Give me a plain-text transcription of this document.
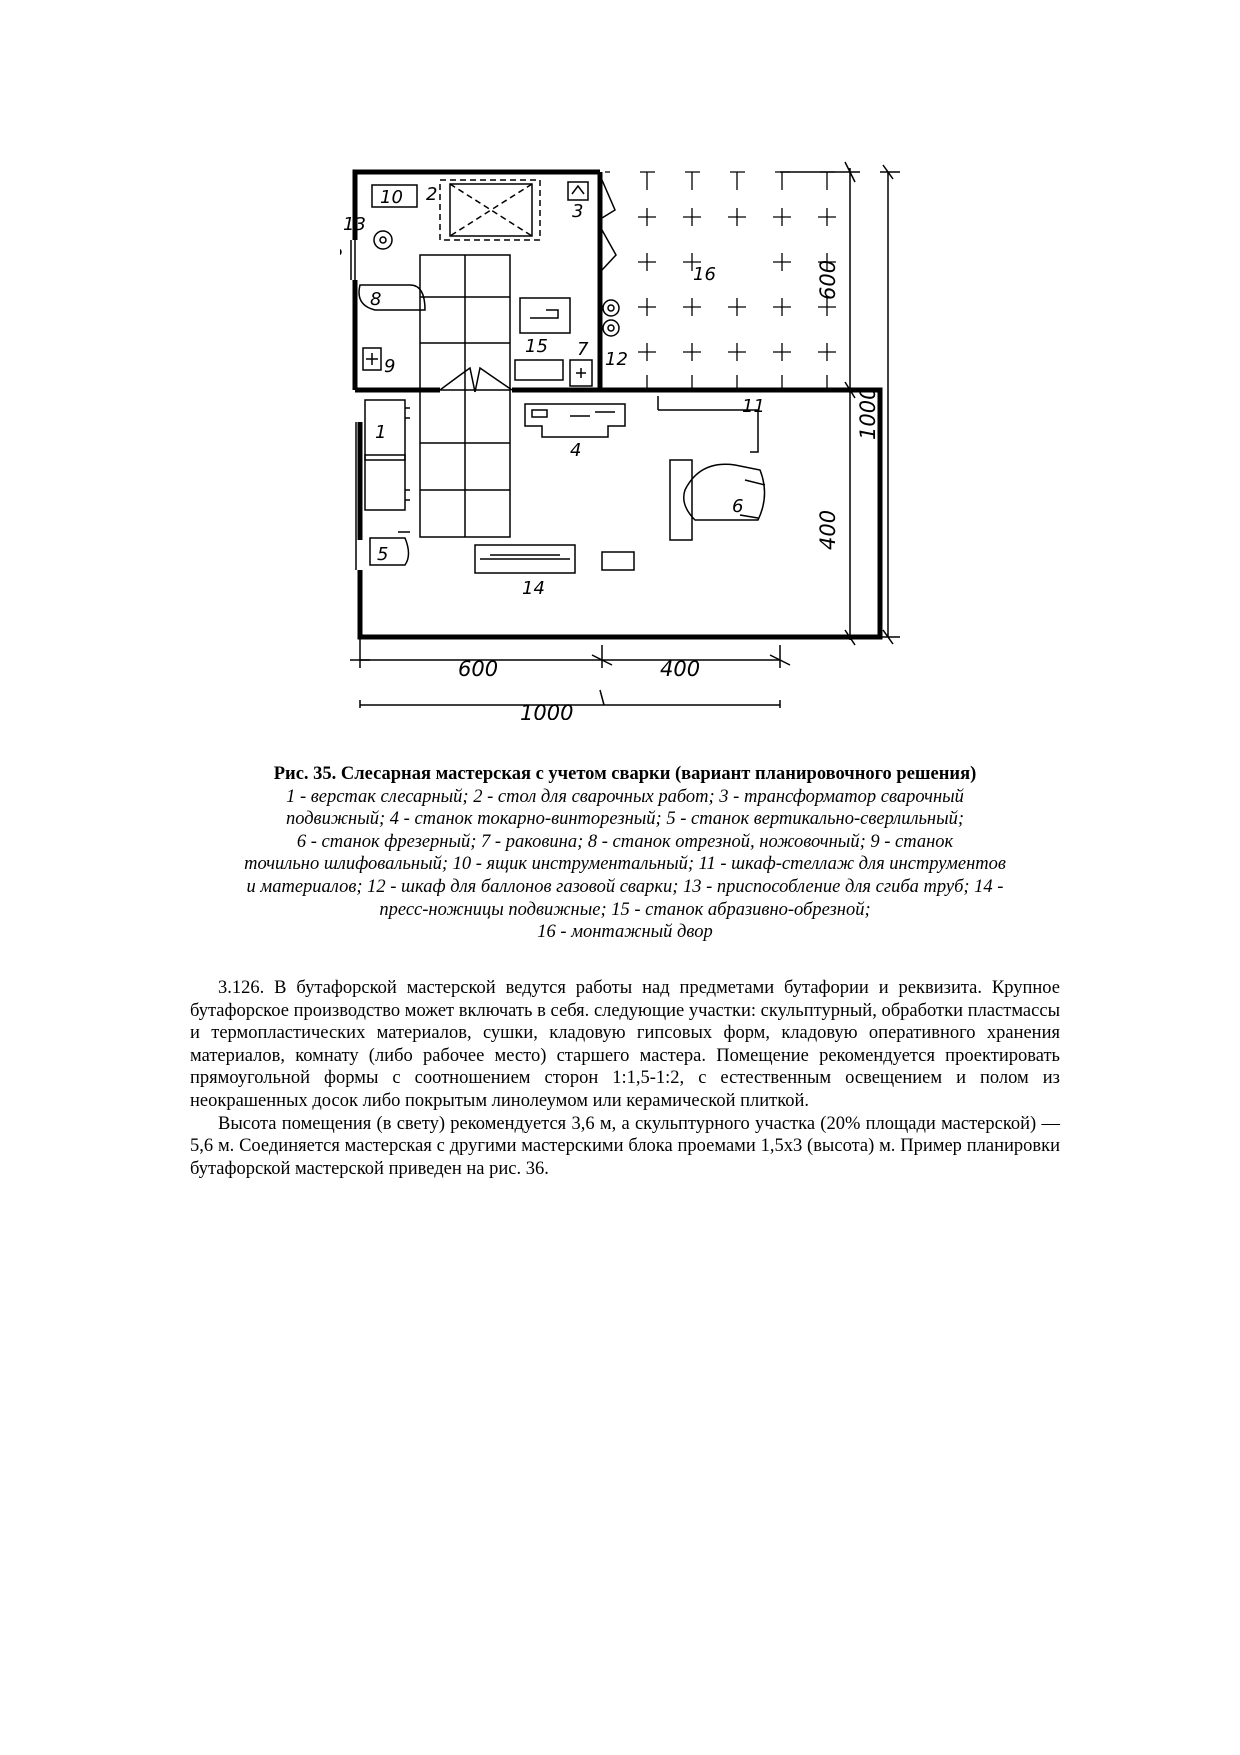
10 2
3
13
8
9
15 7 12
16
11
1
4
6
5
14
600	400
1000
600
400
1000
Рис. 35. Слесарная мастерская с учетом сварки (вариант планировочного решения)
1 - верстак слесарный; 2 - стол для сварочных работ; 3 - трансформатор сварочный
подвижный; 4 - станок токарно-винторезный; 5 - станок вертикально-сверлильный;
6 - станок фрезерный; 7 - раковина; 8 - станок отрезной, ножовочный; 9 - станок
точильно шлифовальный; 10 - ящик инструментальный; 11 - шкаф-стеллаж для инструментов
и материалов; 12 - шкаф для баллонов газовой сварки; 13 - приспособление для сгиба труб; 14 -
пресс-ножницы подвижные; 15 - станок абразивно-обрезной;
16 - монтажный двор

3.126. В бутафорской мастерской ведутся работы над предметами бутафории и реквизита. Крупное бутафорское производство может включать в себя. следующие участки: скульптурный, обработки пластмассы и термопластических материалов, сушки, кладовую гипсовых форм, кладовую оперативного хранения материалов, комнату (либо рабочее место) старшего мастера. Помещение рекомендуется проектировать прямоугольной формы с соотношением сторон 1:1,5-1:2, с естественным освещением и полом из неокрашенных досок либо покрытым линолеумом или керамической плиткой.

Высота помещения (в свету) рекомендуется 3,6 м, а скульптурного участка (20% площади мастерской) — 5,6 м. Соединяется мастерская с другими мастерскими блока проемами 1,5x3 (высота) м. Пример планировки бутафорской мастерской приведен на рис. 36.
